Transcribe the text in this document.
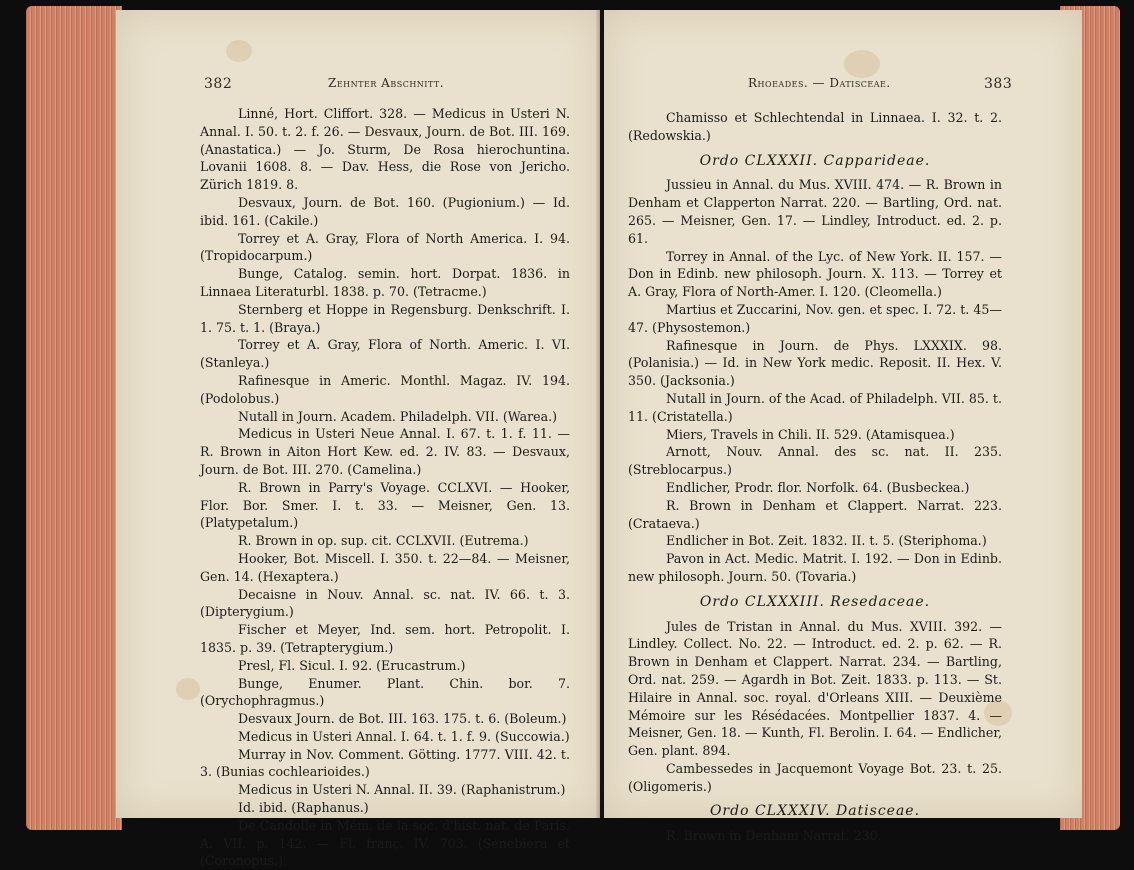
382	Zehnter Abschnitt.

Linné, Hort. Cliffort. 328. — Medicus in Usteri N. Annal. I. 50. t. 2. f. 26. — Desvaux, Journ. de Bot. III. 169. (Anastatica.) — Jo. Sturm, De Rosa hierochuntina. Lovanii 1608. 8. — Dav. Hess, die Rose von Jericho. Zürich 1819. 8.

Desvaux, Journ. de Bot. 160. (Pugionium.) — Id. ibid. 161. (Cakile.)

Torrey et A. Gray, Flora of North America. I. 94. (Tropidocarpum.)

Bunge, Catalog. semin. hort. Dorpat. 1836. in Linnaea Literaturbl. 1838. p. 70. (Tetracme.)

Sternberg et Hoppe in Regensburg. Denkschrift. I. 1. 75. t. 1. (Braya.)

Torrey et A. Gray, Flora of North. Americ. I. VI. (Stanleya.)

Rafinesque in Americ. Monthl. Magaz. IV. 194. (Podolobus.)

Nutall in Journ. Academ. Philadelph. VII. (Warea.)

Medicus in Usteri Neue Annal. I. 67. t. 1. f. 11. — R. Brown in Aiton Hort Kew. ed. 2. IV. 83. — Desvaux, Journ. de Bot. III. 270. (Camelina.)

R. Brown in Parry's Voyage. CCLXVI. — Hooker, Flor. Bor. Smer. I. t. 33. — Meisner, Gen. 13. (Platypetalum.)

R. Brown in op. sup. cit. CCLXVII. (Eutrema.)

Hooker, Bot. Miscell. I. 350. t. 22—84. — Meisner, Gen. 14. (Hexaptera.)

Decaisne in Nouv. Annal. sc. nat. IV. 66. t. 3. (Dipterygium.)

Fischer et Meyer, Ind. sem. hort. Petropolit. I. 1835. p. 39. (Tetrapterygium.)

Presl, Fl. Sicul. I. 92. (Erucastrum.)

Bunge, Enumer. Plant. Chin. bor. 7. (Orychophragmus.)

Desvaux Journ. de Bot. III. 163. 175. t. 6. (Boleum.)

Medicus in Usteri Annal. I. 64. t. 1. f. 9. (Succowia.)

Murray in Nov. Comment. Götting. 1777. VIII. 42. t. 3. (Bunias cochlearioides.)

Medicus in Usteri N. Annal. II. 39. (Raphanistrum.)

Id. ibid. (Raphanus.)

De Candolle in Mém. de la soc. d'hist. nat. de Paris. A. VII. p. 142. — Fl. franç. IV. 703. (Senebiera et (Coronopus.)

Rhoeades. — Datisceae.	383

Chamisso et Schlechtendal in Linnaea. I. 32. t. 2. (Redowskia.)

Ordo CLXXXII. Capparideae.

Jussieu in Annal. du Mus. XVIII. 474. — R. Brown in Denham et Clapperton Narrat. 220. — Bartling, Ord. nat. 265. — Meisner, Gen. 17. — Lindley, Introduct. ed. 2. p. 61.

Torrey in Annal. of the Lyc. of New York. II. 157. — Don in Edinb. new philosoph. Journ. X. 113. — Torrey et A. Gray, Flora of North-Amer. I. 120. (Cleomella.)

Martius et Zuccarini, Nov. gen. et spec. I. 72. t. 45—47. (Physostemon.)

Rafinesque in Journ. de Phys. LXXXIX. 98. (Polanisia.) — Id. in New York medic. Reposit. II. Hex. V. 350. (Jacksonia.)

Nutall in Journ. of the Acad. of Philadelph. VII. 85. t. 11. (Cristatella.)

Miers, Travels in Chili. II. 529. (Atamisquea.)

Arnott, Nouv. Annal. des sc. nat. II. 235. (Streblocarpus.)

Endlicher, Prodr. flor. Norfolk. 64. (Busbeckea.)

R. Brown in Denham et Clappert. Narrat. 223. (Crataeva.)

Endlicher in Bot. Zeit. 1832. II. t. 5. (Steriphoma.)

Pavon in Act. Medic. Matrit. I. 192. — Don in Edinb. new philosoph. Journ. 50. (Tovaria.)

Ordo CLXXXIII. Resedaceae.

Jules de Tristan in Annal. du Mus. XVIII. 392. — Lindley. Collect. No. 22. — Introduct. ed. 2. p. 62. — R. Brown in Denham et Clappert. Narrat. 234. — Bartling, Ord. nat. 259. — Agardh in Bot. Zeit. 1833. p. 113. — St. Hilaire in Annal. soc. royal. d'Orleans XIII. — Deuxième Mémoire sur les Résédacées. Montpellier 1837. 4. — Meisner, Gen. 18. — Kunth, Fl. Berolin. I. 64. — Endlicher, Gen. plant. 894.

Cambessedes in Jacquemont Voyage Bot. 23. t. 25. (Oligomeris.)

Ordo CLXXXIV. Datisceae.

R. Brown in Denham Narrat. 230.
